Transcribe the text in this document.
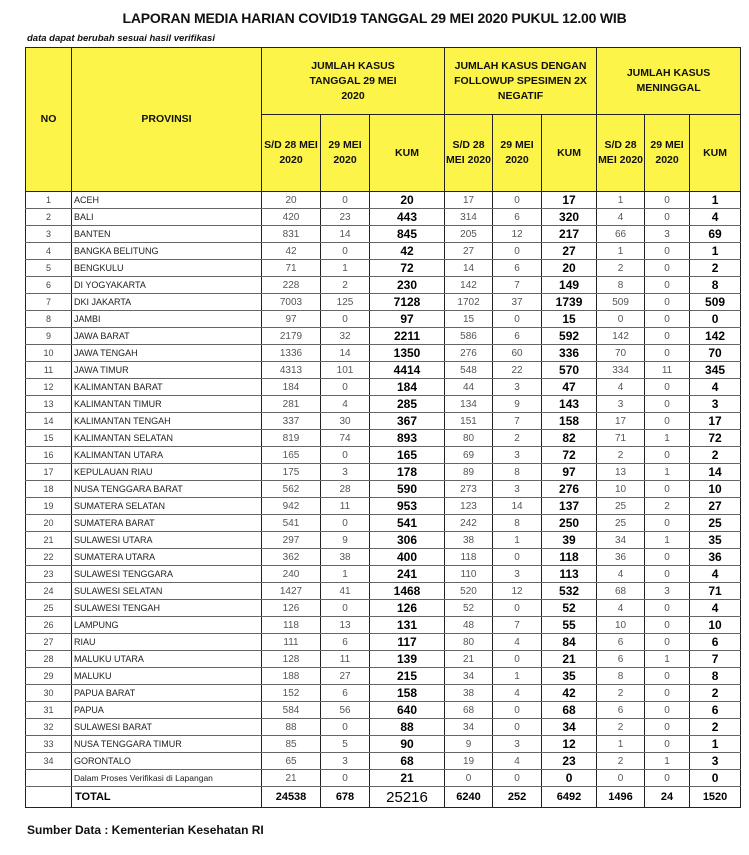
LAPORAN MEDIA HARIAN COVID19 TANGGAL 29 MEI 2020 PUKUL 12.00 WIB
data dapat berubah sesuai hasil verifikasi
NO	PROVINSI	JUMLAH KASUS TANGGAL 29 MEI 2020			JUMLAH KASUS DENGAN FOLLOWUP SPESIMEN 2X NEGATIF			JUMLAH KASUS MENINGGAL		

		S/D 28 MEI 2020	29 MEI 2020	KUM	S/D 28 MEI 2020	29 MEI 2020	KUM	S/D 28 MEI 2020	29 MEI 2020	KUM
1	ACEH	20	0	20	17	0	17	1	0	1
2	BALI	420	23	443	314	6	320	4	0	4
3	BANTEN	831	14	845	205	12	217	66	3	69
4	BANGKA BELITUNG	42	0	42	27	0	27	1	0	1
5	BENGKULU	71	1	72	14	6	20	2	0	2
6	DI YOGYAKARTA	228	2	230	142	7	149	8	0	8
7	DKI JAKARTA	7003	125	7128	1702	37	1739	509	0	509
8	JAMBI	97	0	97	15	0	15	0	0	0
9	JAWA BARAT	2179	32	2211	586	6	592	142	0	142
10	JAWA TENGAH	1336	14	1350	276	60	336	70	0	70
11	JAWA TIMUR	4313	101	4414	548	22	570	334	11	345
12	KALIMANTAN BARAT	184	0	184	44	3	47	4	0	4
13	KALIMANTAN TIMUR	281	4	285	134	9	143	3	0	3
14	KALIMANTAN TENGAH	337	30	367	151	7	158	17	0	17
15	KALIMANTAN SELATAN	819	74	893	80	2	82	71	1	72
16	KALIMANTAN UTARA	165	0	165	69	3	72	2	0	2
17	KEPULAUAN RIAU	175	3	178	89	8	97	13	1	14
18	NUSA TENGGARA BARAT	562	28	590	273	3	276	10	0	10
19	SUMATERA SELATAN	942	11	953	123	14	137	25	2	27
20	SUMATERA BARAT	541	0	541	242	8	250	25	0	25
21	SULAWESI UTARA	297	9	306	38	1	39	34	1	35
22	SUMATERA UTARA	362	38	400	118	0	118	36	0	36
23	SULAWESI TENGGARA	240	1	241	110	3	113	4	0	4
24	SULAWESI SELATAN	1427	41	1468	520	12	532	68	3	71
25	SULAWESI TENGAH	126	0	126	52	0	52	4	0	4
26	LAMPUNG	118	13	131	48	7	55	10	0	10
27	RIAU	111	6	117	80	4	84	6	0	6
28	MALUKU UTARA	128	11	139	21	0	21	6	1	7
29	MALUKU	188	27	215	34	1	35	8	0	8
30	PAPUA BARAT	152	6	158	38	4	42	2	0	2
31	PAPUA	584	56	640	68	0	68	6	0	6
32	SULAWESI BARAT	88	0	88	34	0	34	2	0	2
33	NUSA TENGGARA TIMUR	85	5	90	9	3	12	1	0	1
34	GORONTALO	65	3	68	19	4	23	2	1	3
	Dalam Proses Verifikasi di Lapangan	21	0	21	0	0	0	0	0	0
	TOTAL	24538	678	25216	6240	252	6492	1496	24	1520
Sumber Data : Kementerian Kesehatan RI
